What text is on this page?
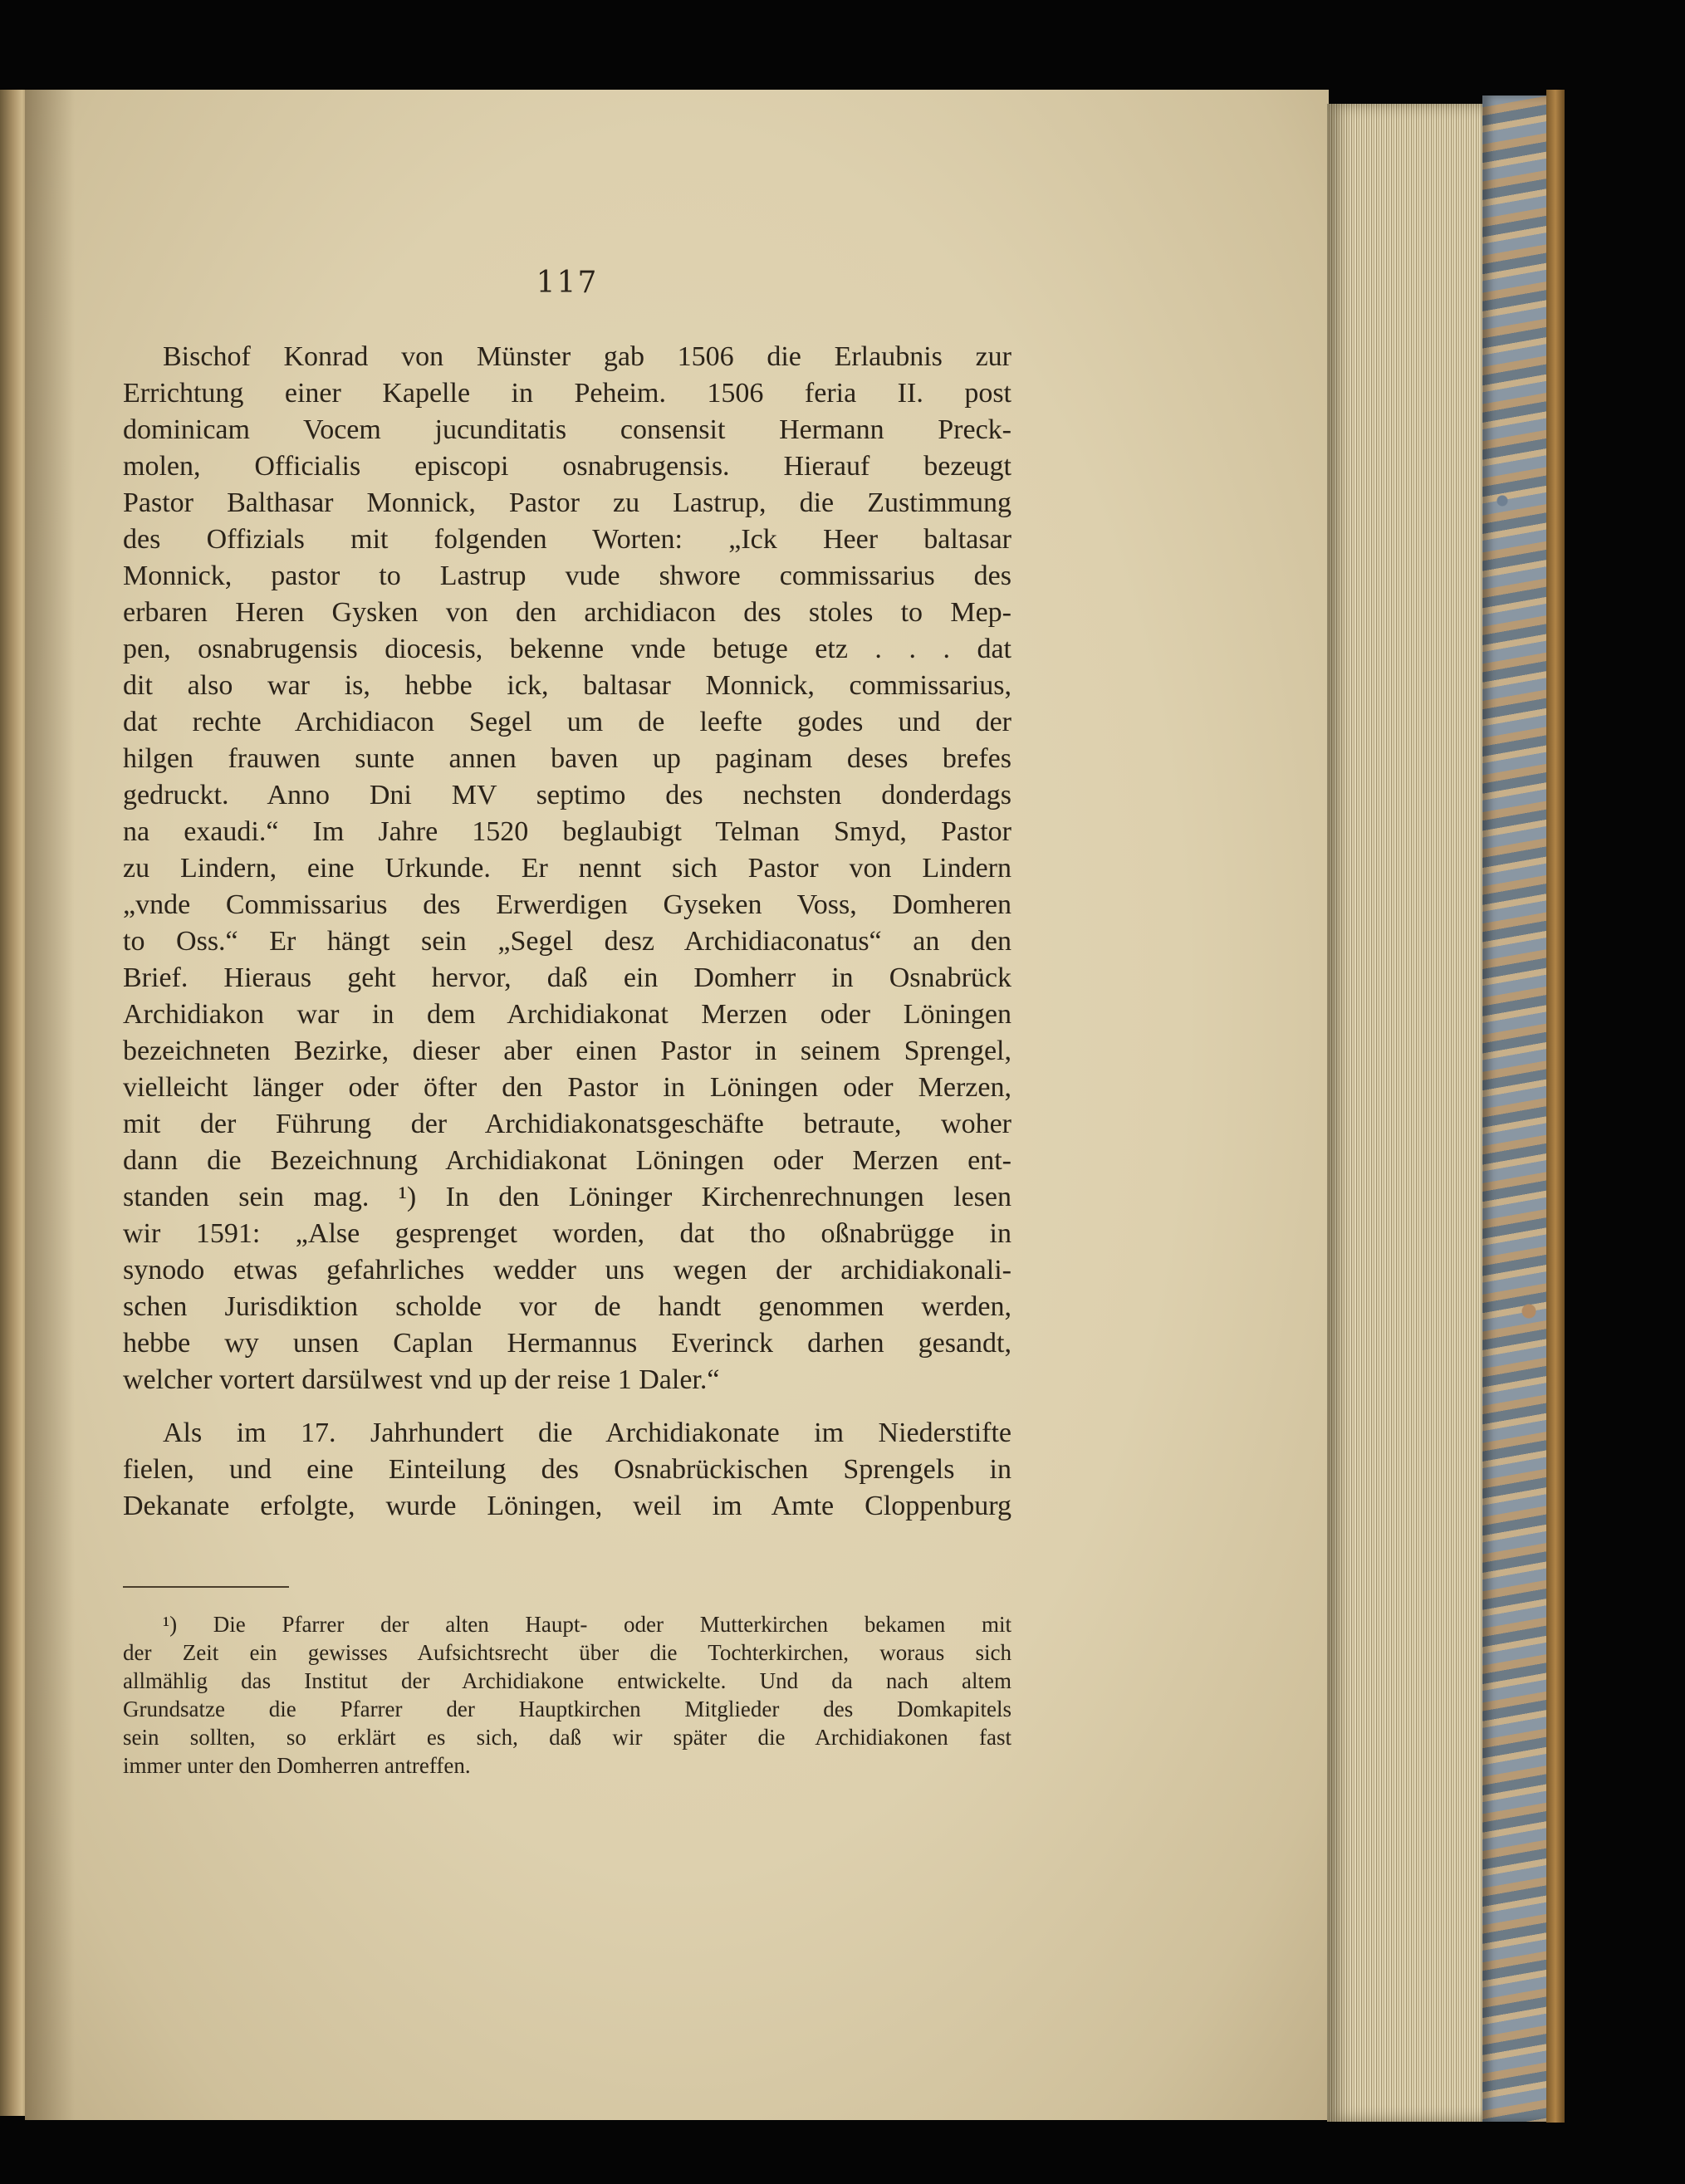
117
Bischof Konrad von Münster gab 1506 die Erlaubnis zur
Errichtung einer Kapelle in Peheim. 1506 feria II. post
dominicam Vocem jucunditatis consensit Hermann Preck-
molen, Officialis episcopi osnabrugensis. Hierauf bezeugt
Pastor Balthasar Monnick, Pastor zu Lastrup, die Zustimmung
des Offizials mit folgenden Worten: „Ick Heer baltasar
Monnick, pastor to Lastrup vude shwore commissarius des
erbaren Heren Gysken von den archidiacon des stoles to Mep-
pen, osnabrugensis diocesis, bekenne vnde betuge etz . . . dat
dit also war is, hebbe ick, baltasar Monnick, commissarius,
dat rechte Archidiacon Segel um de leefte godes und der
hilgen frauwen sunte annen baven up paginam deses brefes
gedruckt. Anno Dni MV septimo des nechsten donderdags
na exaudi.“ Im Jahre 1520 beglaubigt Telman Smyd, Pastor
zu Lindern, eine Urkunde. Er nennt sich Pastor von Lindern
„vnde Commissarius des Erwerdigen Gyseken Voss, Domheren
to Oss.“ Er hängt sein „Segel desz Archidiaconatus“ an den
Brief. Hieraus geht hervor, daß ein Domherr in Osnabrück
Archidiakon war in dem Archidiakonat Merzen oder Löningen
bezeichneten Bezirke, dieser aber einen Pastor in seinem Sprengel,
vielleicht länger oder öfter den Pastor in Löningen oder Merzen,
mit der Führung der Archidiakonatsgeschäfte betraute, woher
dann die Bezeichnung Archidiakonat Löningen oder Merzen ent-
standen sein mag. ¹) In den Löninger Kirchenrechnungen lesen
wir 1591: „Alse gesprenget worden, dat tho oßnabrügge in
synodo etwas gefahrliches wedder uns wegen der archidiakonali-
schen Jurisdiktion scholde vor de handt genommen werden,
hebbe wy unsen Caplan Hermannus Everinck darhen gesandt,
welcher vortert darsülwest vnd up der reise 1 Daler.“
Als im 17. Jahrhundert die Archidiakonate im Niederstifte
fielen, und eine Einteilung des Osnabrückischen Sprengels in
Dekanate erfolgte, wurde Löningen, weil im Amte Cloppenburg
¹) Die Pfarrer der alten Haupt- oder Mutterkirchen bekamen mit
der Zeit ein gewisses Aufsichtsrecht über die Tochterkirchen, woraus sich
allmählig das Institut der Archidiakone entwickelte. Und da nach altem
Grundsatze die Pfarrer der Hauptkirchen Mitglieder des Domkapitels
sein sollten, so erklärt es sich, daß wir später die Archidiakonen fast
immer unter den Domherren antreffen.
